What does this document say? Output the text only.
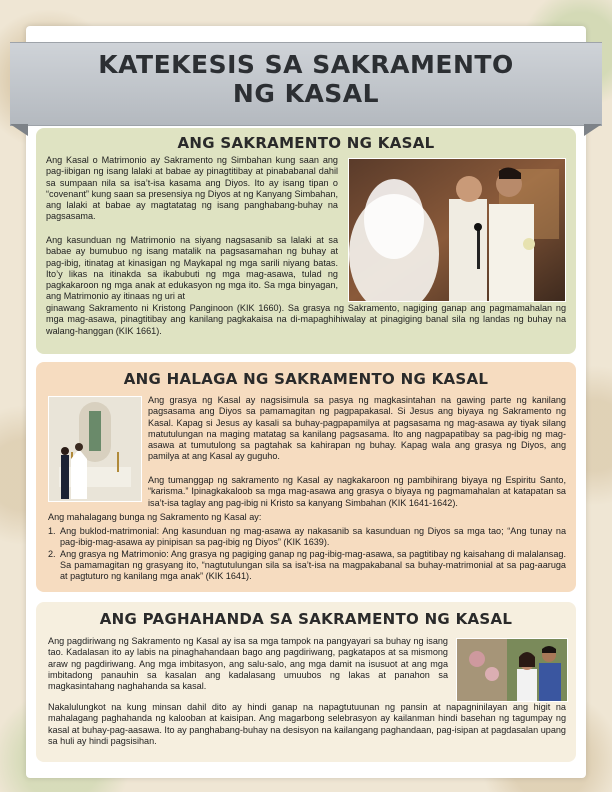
KATEKESIS SA SAKRAMENTO
NG KASAL
ANG SAKRAMENTO NG KASAL

Ang Kasal o Matrimonio ay Sakramento ng Simbahan kung saan ang pag-iibigan ng isang lalaki at babae ay pinagtitibay at pinababanal dahil sa sumpaan nila sa isa’t-isa kasama ang Diyos. Ito ay isang tipan o “covenant” kung saan sa presensiya ng Diyos at ng Kanyang Simbahan, ang lalaki at babae ay magtatatag ng isang panghabang-buhay na pagsasama.

Ang kasunduan ng Matrimonio na siyang nagsasanib sa lalaki at sa babae ay bumubuo ng isang matalik na pagsasamahan ng buhay at pag-ibig, itinatag at kinasigan ng Maykapal ng mga sarili niyang batas. Ito’y likas na itinakda sa ikabubuti ng mga mag-asawa, tulad ng pagkakaroon ng mga anak at edukasyon ng mga ito. Sa mga binyagan, ang Matrimonio ay itinaas ng uri at

ginawang Sakramento ni Kristong Panginoon (KIK 1660). Sa grasya ng Sakramento, nagiging ganap ang pagmamahalan ng mga mag-asawa, pinagtitibay ang kanilang pagkakaisa na di-mapaghihiwalay at pinagiging banal sila ng landas ng buhay na walang-hanggan (KIK 1661).

ANG HALAGA NG SAKRAMENTO NG KASAL

Ang grasya ng Kasal ay nagsisimula sa pasya ng magkasintahan na gawing parte ng kanilang pagsasama ang Diyos sa pamamagitan ng pagpapakasal. Si Jesus ang biyaya ng Sakramento ng Kasal. Kapag si Jesus ay kasali sa buhay-pagpapamilya at pagsasama ng mag-asawa ay tiyak silang matutulungan na maging matatag sa kanilang pagsasama. Ito ang nagpapatibay sa pag-ibig ng mag-asawa at tumutulong sa pagtahak sa kahirapan ng buhay. Kapag wala ang grasya ng Diyos, ang pamilya at ang Kasal ay guguho.

Ang tumanggap ng sakramento ng Kasal ay nagkakaroon ng pambihirang biyaya ng Espiritu Santo, “karisma.” Ipinagkakaloob sa mga mag-asawa ang grasya o biyaya ng pagmamahalan at katapatan sa isa’t-isa taglay ang pag-ibig ni Kristo sa kanyang Simbahan (KIK 1641-1642).

Ang mahalagang bunga ng Sakramento ng Kasal ay:

1. Ang buklod-matrimonial: Ang kasunduan ng mag-asawa ay nakasanib sa kasunduan ng Diyos sa mga tao; “Ang tunay na pag-ibig-mag-asawa ay pinipisan sa pag-ibig ng Diyos” (KIK 1639).
2. Ang grasya ng Matrimonio: Ang grasya ng pagiging ganap ng pag-ibig-mag-asawa, sa pagtitibay ng kaisahang di malalansag. Sa pamamagitan ng grasyang ito, “nagtutulungan sila sa isa’t-isa na magpakabanal sa buhay-matrimonial at sa pag-aaruga at pagtuturo ng kanilang mga anak” (KIK 1641).
ANG PAGHAHANDA SA SAKRAMENTO NG KASAL

Ang pagdiriwang ng Sakramento ng Kasal ay isa sa mga tampok na pangyayari sa buhay ng isang tao. Kadalasan ito ay labis na pinaghahandaan bago ang pagdiriwang, pagkatapos at sa mismong araw ng pagdiriwang. Ang mga imbitasyon, ang salu-salo, ang mga damit na isusuot at ang mga imbitadong panauhin sa kasalan ang kadalasang umuubos ng lakas at panahon sa magkasintahang naghahanda sa kasal.

Nakalulungkot na kung minsan dahil dito ay hindi ganap na napagtutuunan ng pansin at napagninilayan ang higit na mahalagang paghahanda ng kalooban at kaisipan. Ang magarbong selebrasyon ay kailanman hindi basehan ng tagumpay ng kasal at buhay-pag-aasawa. Ito ay panghabang-buhay na desisyon na kailangang paghandaan, pag-isipan at pagdasalan upang sa huli ay hindi pagsisihan.
